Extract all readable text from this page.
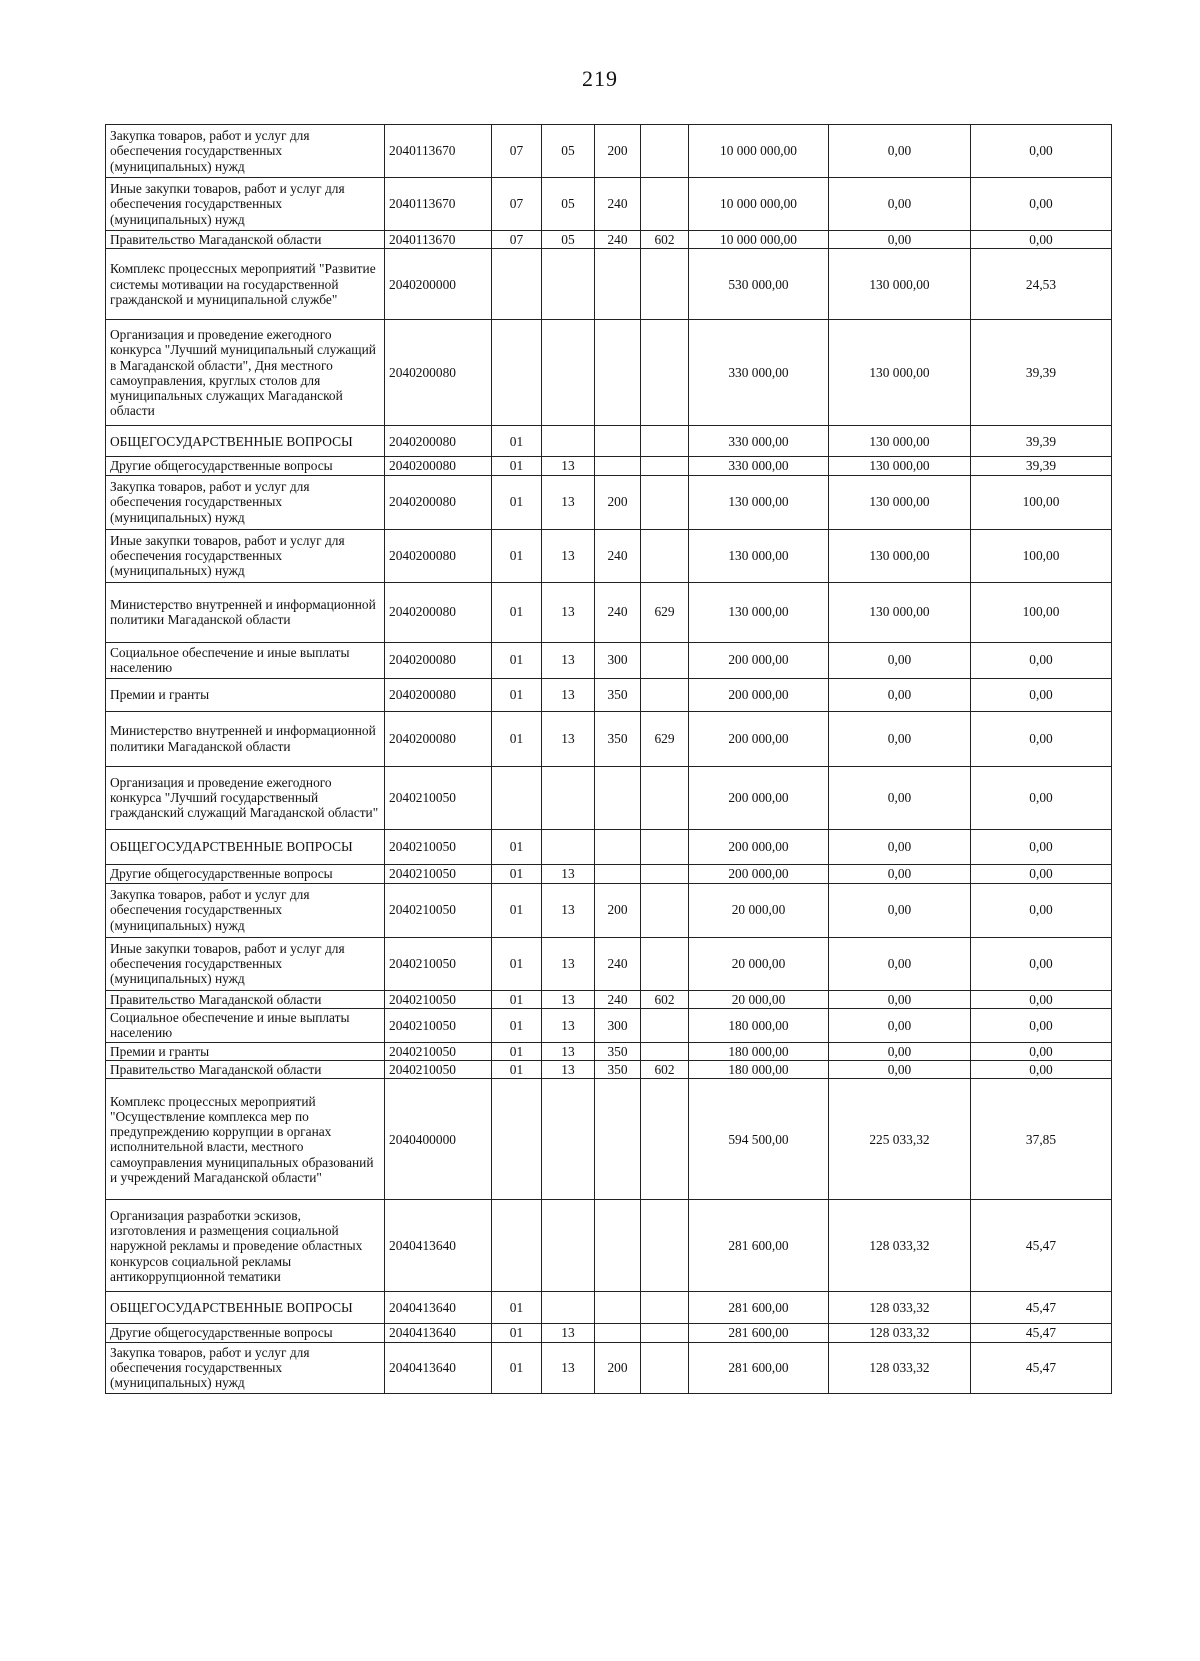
219
Закупка товаров, работ и услуг для обеспечения государственных (муниципальных) нужд	2040113670	07	05	200		10 000 000,00	0,00	0,00
Иные закупки товаров, работ и услуг для обеспечения государственных (муниципальных) нужд	2040113670	07	05	240		10 000 000,00	0,00	0,00
Правительство Магаданской области	2040113670	07	05	240	602	10 000 000,00	0,00	0,00
Комплекс процессных мероприятий "Развитие системы мотивации на государственной гражданской и муниципальной службе"	2040200000					530 000,00	130 000,00	24,53
Организация и проведение ежегодного конкурса "Лучший муниципальный служащий в Магаданской области", Дня местного самоуправления, круглых столов для муниципальных служащих Магаданской области	2040200080					330 000,00	130 000,00	39,39
ОБЩЕГОСУДАРСТВЕННЫЕ ВОПРОСЫ	2040200080	01				330 000,00	130 000,00	39,39
Другие общегосударственные вопросы	2040200080	01	13			330 000,00	130 000,00	39,39
Закупка товаров, работ и услуг для обеспечения государственных (муниципальных) нужд	2040200080	01	13	200		130 000,00	130 000,00	100,00
Иные закупки товаров, работ и услуг для обеспечения государственных (муниципальных) нужд	2040200080	01	13	240		130 000,00	130 000,00	100,00
Министерство внутренней и информационной политики Магаданской области	2040200080	01	13	240	629	130 000,00	130 000,00	100,00
Социальное обеспечение и иные выплаты населению	2040200080	01	13	300		200 000,00	0,00	0,00
Премии и гранты	2040200080	01	13	350		200 000,00	0,00	0,00
Министерство внутренней и информационной политики Магаданской области	2040200080	01	13	350	629	200 000,00	0,00	0,00
Организация и проведение ежегодного конкурса "Лучший государственный гражданский служащий Магаданской области"	2040210050					200 000,00	0,00	0,00
ОБЩЕГОСУДАРСТВЕННЫЕ ВОПРОСЫ	2040210050	01				200 000,00	0,00	0,00
Другие общегосударственные вопросы	2040210050	01	13			200 000,00	0,00	0,00
Закупка товаров, работ и услуг для обеспечения государственных (муниципальных) нужд	2040210050	01	13	200		20 000,00	0,00	0,00
Иные закупки товаров, работ и услуг для обеспечения государственных (муниципальных) нужд	2040210050	01	13	240		20 000,00	0,00	0,00
Правительство Магаданской области	2040210050	01	13	240	602	20 000,00	0,00	0,00
Социальное обеспечение и иные выплаты населению	2040210050	01	13	300		180 000,00	0,00	0,00
Премии и гранты	2040210050	01	13	350		180 000,00	0,00	0,00
Правительство Магаданской области	2040210050	01	13	350	602	180 000,00	0,00	0,00
Комплекс процессных мероприятий "Осуществление комплекса мер по предупреждению коррупции в органах исполнительной власти, местного самоуправления муниципальных образований и учреждений Магаданской области"	2040400000					594 500,00	225 033,32	37,85
Организация разработки эскизов, изготовления и размещения социальной наружной рекламы и проведение областных конкурсов социальной рекламы антикоррупционной тематики	2040413640					281 600,00	128 033,32	45,47
ОБЩЕГОСУДАРСТВЕННЫЕ ВОПРОСЫ	2040413640	01				281 600,00	128 033,32	45,47
Другие общегосударственные вопросы	2040413640	01	13			281 600,00	128 033,32	45,47
Закупка товаров, работ и услуг для обеспечения государственных (муниципальных) нужд	2040413640	01	13	200		281 600,00	128 033,32	45,47
